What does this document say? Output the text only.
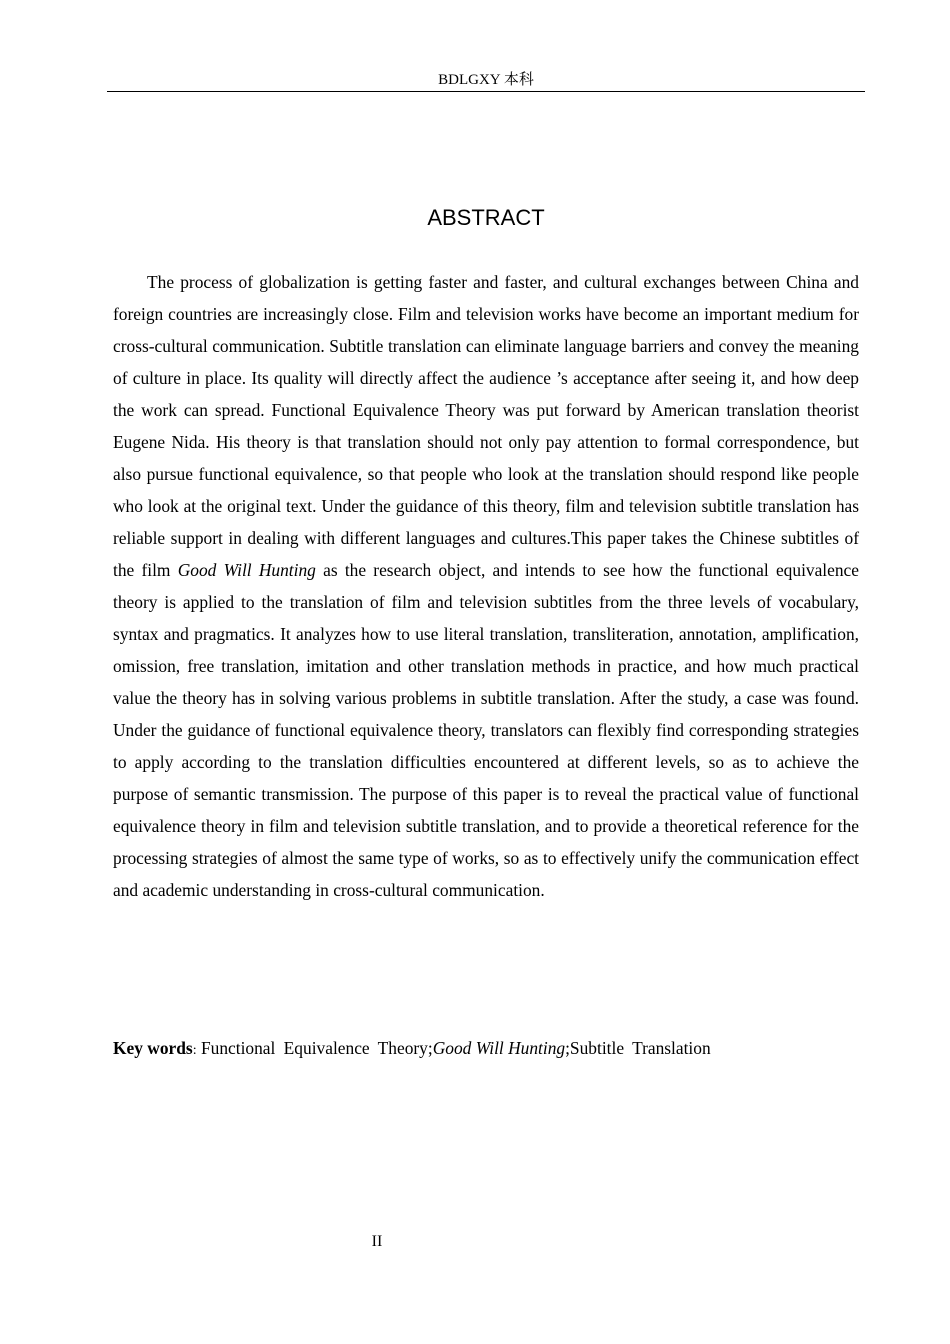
BDLGXY 本科
ABSTRACT

The process of globalization is getting faster and faster, and cultural exchanges between China and foreign countries are increasingly close. Film and television works have become an important medium for cross-cultural communication. Subtitle translation can eliminate language barriers and convey the meaning of culture in place. Its quality will directly affect the audience ’s acceptance after seeing it, and how deep the work can spread. Functional Equivalence Theory was put forward by American translation theorist Eugene Nida. His theory is that translation should not only pay attention to formal correspondence, but also pursue functional equivalence, so that people who look at the translation should respond like people who look at the original text. Under the guidance of this theory, film and television subtitle translation has reliable support in dealing with different languages and cultures.This paper takes the Chinese subtitles of the film Good Will Hunting as the research object, and intends to see how the functional equivalence theory is applied to the translation of film and television subtitles from the three levels of vocabulary, syntax and pragmatics. It analyzes how to use literal translation, transliteration, annotation, amplification, omission, free translation, imitation and other translation methods in practice, and how much practical value the theory has in solving various problems in subtitle translation. After the study, a case was found. Under the guidance of functional equivalence theory, translators can flexibly find corresponding strategies to apply according to the translation difficulties encountered at different levels, so as to achieve the purpose of semantic transmission. The purpose of this paper is to reveal the practical value of functional equivalence theory in film and television subtitle translation, and to provide a theoretical reference for the processing strategies of almost the same type of works, so as to effectively unify the communication effect and academic understanding in cross-cultural communication.

Key words: Functional Equivalence Theory;Good Will Hunting;Subtitle Translation

II
